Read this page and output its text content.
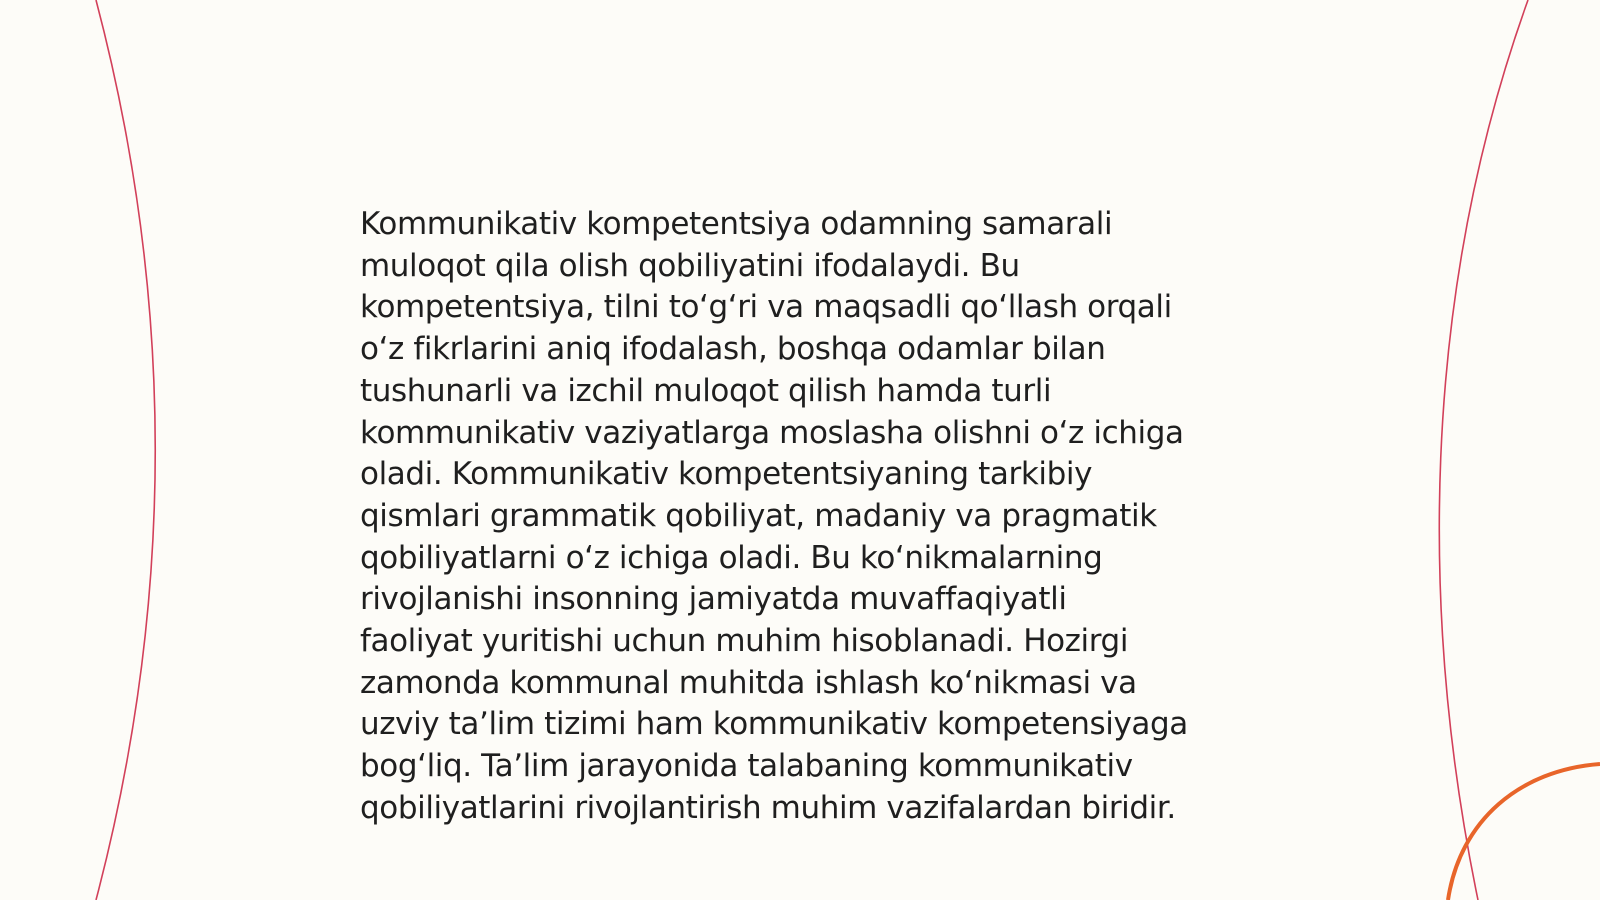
Kommunikativ kompetentsiya odamning samarali
muloqot qila olish qobiliyatini ifodalaydi. Bu
kompetentsiya, tilni toʻgʻri va maqsadli qoʻllash orqali
oʻz fikrlarini aniq ifodalash, boshqa odamlar bilan
tushunarli va izchil muloqot qilish hamda turli
kommunikativ vaziyatlarga moslasha olishni oʻz ichiga
oladi. Kommunikativ kompetentsiyaning tarkibiy
qismlari grammatik qobiliyat, madaniy va pragmatik
qobiliyatlarni oʻz ichiga oladi. Bu koʻnikmalarning
rivojlanishi insonning jamiyatda muvaffaqiyatli
faoliyat yuritishi uchun muhim hisoblanadi. Hozirgi
zamonda kommunal muhitda ishlash koʻnikmasi va
uzviy taʼlim tizimi ham kommunikativ kompetensiyaga
bogʻliq. Taʼlim jarayonida talabaning kommunikativ
qobiliyatlarini rivojlantirish muhim vazifalardan biridir.
